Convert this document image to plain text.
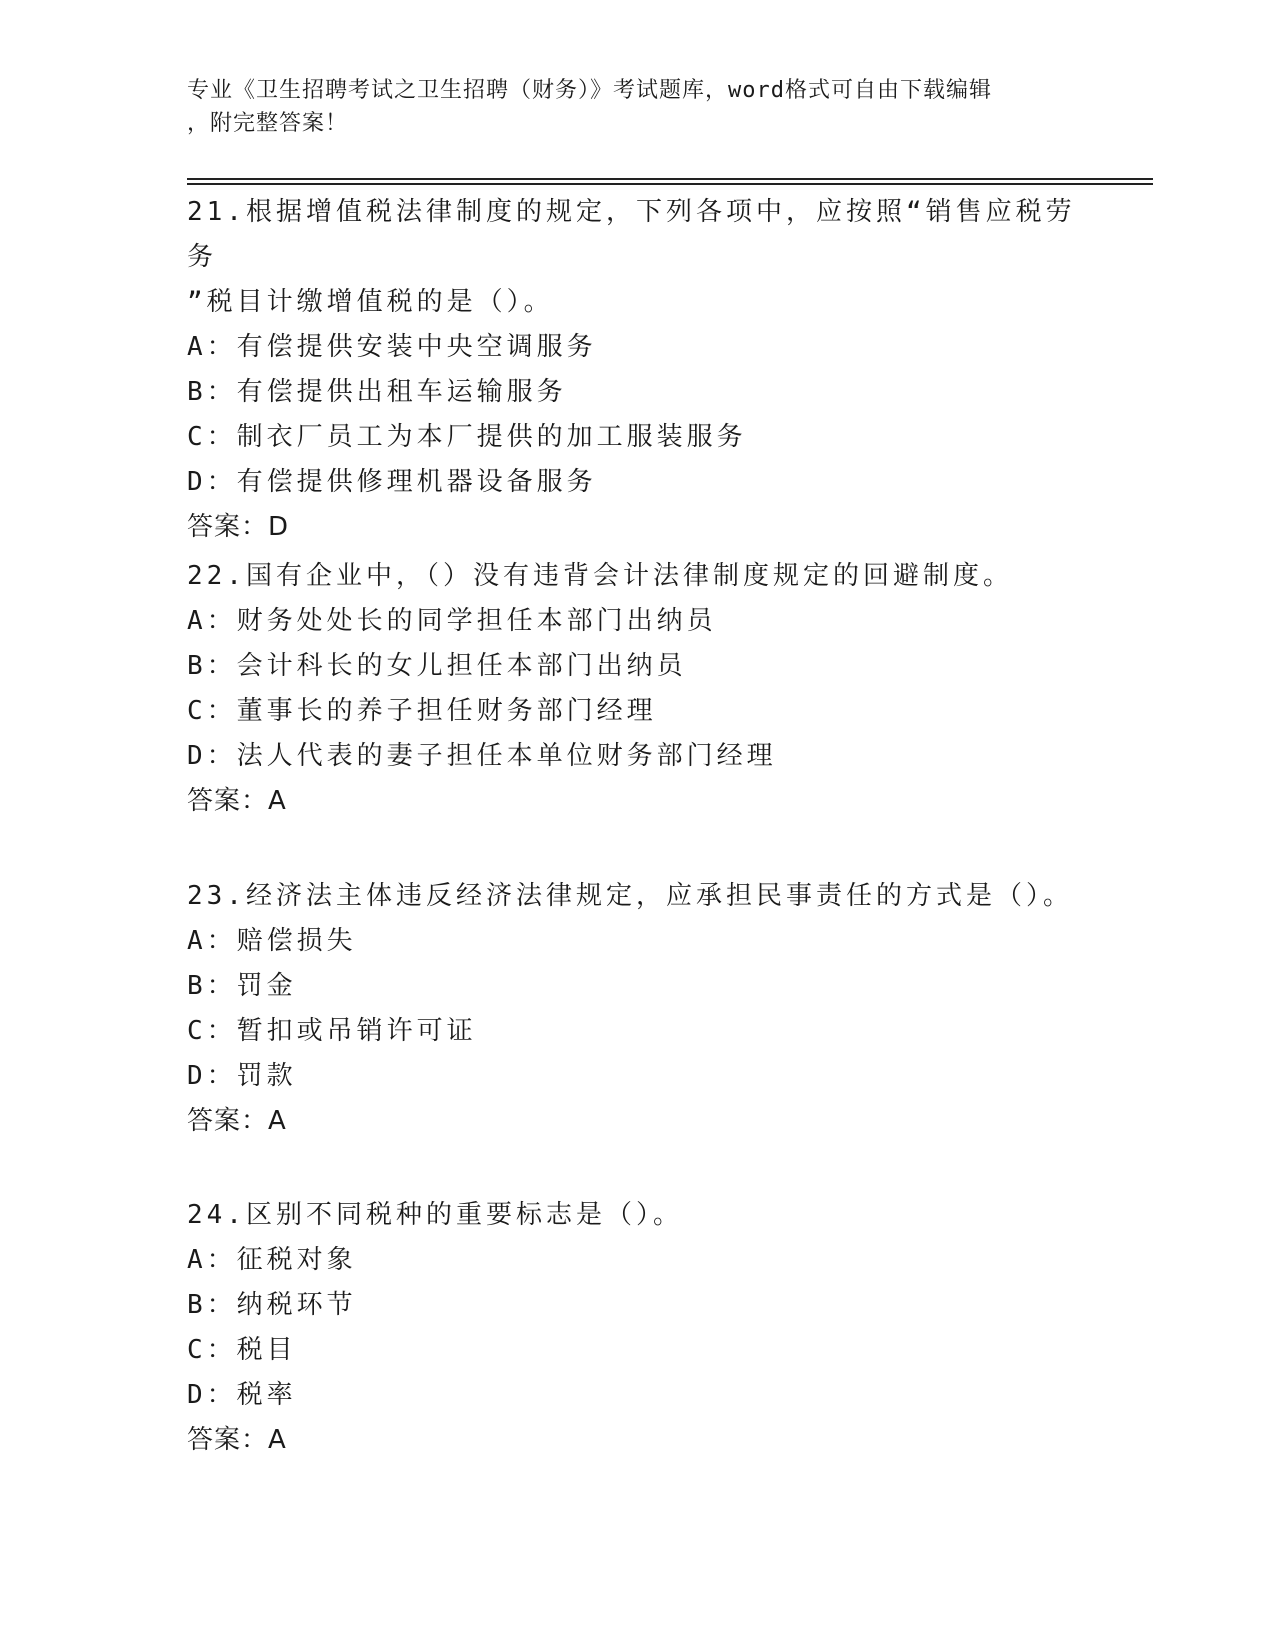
专业《卫生招聘考试之卫生招聘（财务）》考试题库，word格式可自由下载编辑
，附完整答案！

21.根据增值税法律制度的规定，下列各项中，应按照“销售应税劳务

”税目计缴增值税的是（）。

A：有偿提供安装中央空调服务

B：有偿提供出租车运输服务

C：制衣厂员工为本厂提供的加工服装服务

D：有偿提供修理机器设备服务

答案：D

22.国有企业中，（）没有违背会计法律制度规定的回避制度。

A：财务处处长的同学担任本部门出纳员

B：会计科长的女儿担任本部门出纳员

C：董事长的养子担任财务部门经理

D：法人代表的妻子担任本单位财务部门经理

答案：A

23.经济法主体违反经济法律规定，应承担民事责任的方式是（）。

A：赔偿损失

B：罚金

C：暂扣或吊销许可证

D：罚款

答案：A

24.区别不同税种的重要标志是（）。

A：征税对象

B：纳税环节

C：税目

D：税率

答案：A
